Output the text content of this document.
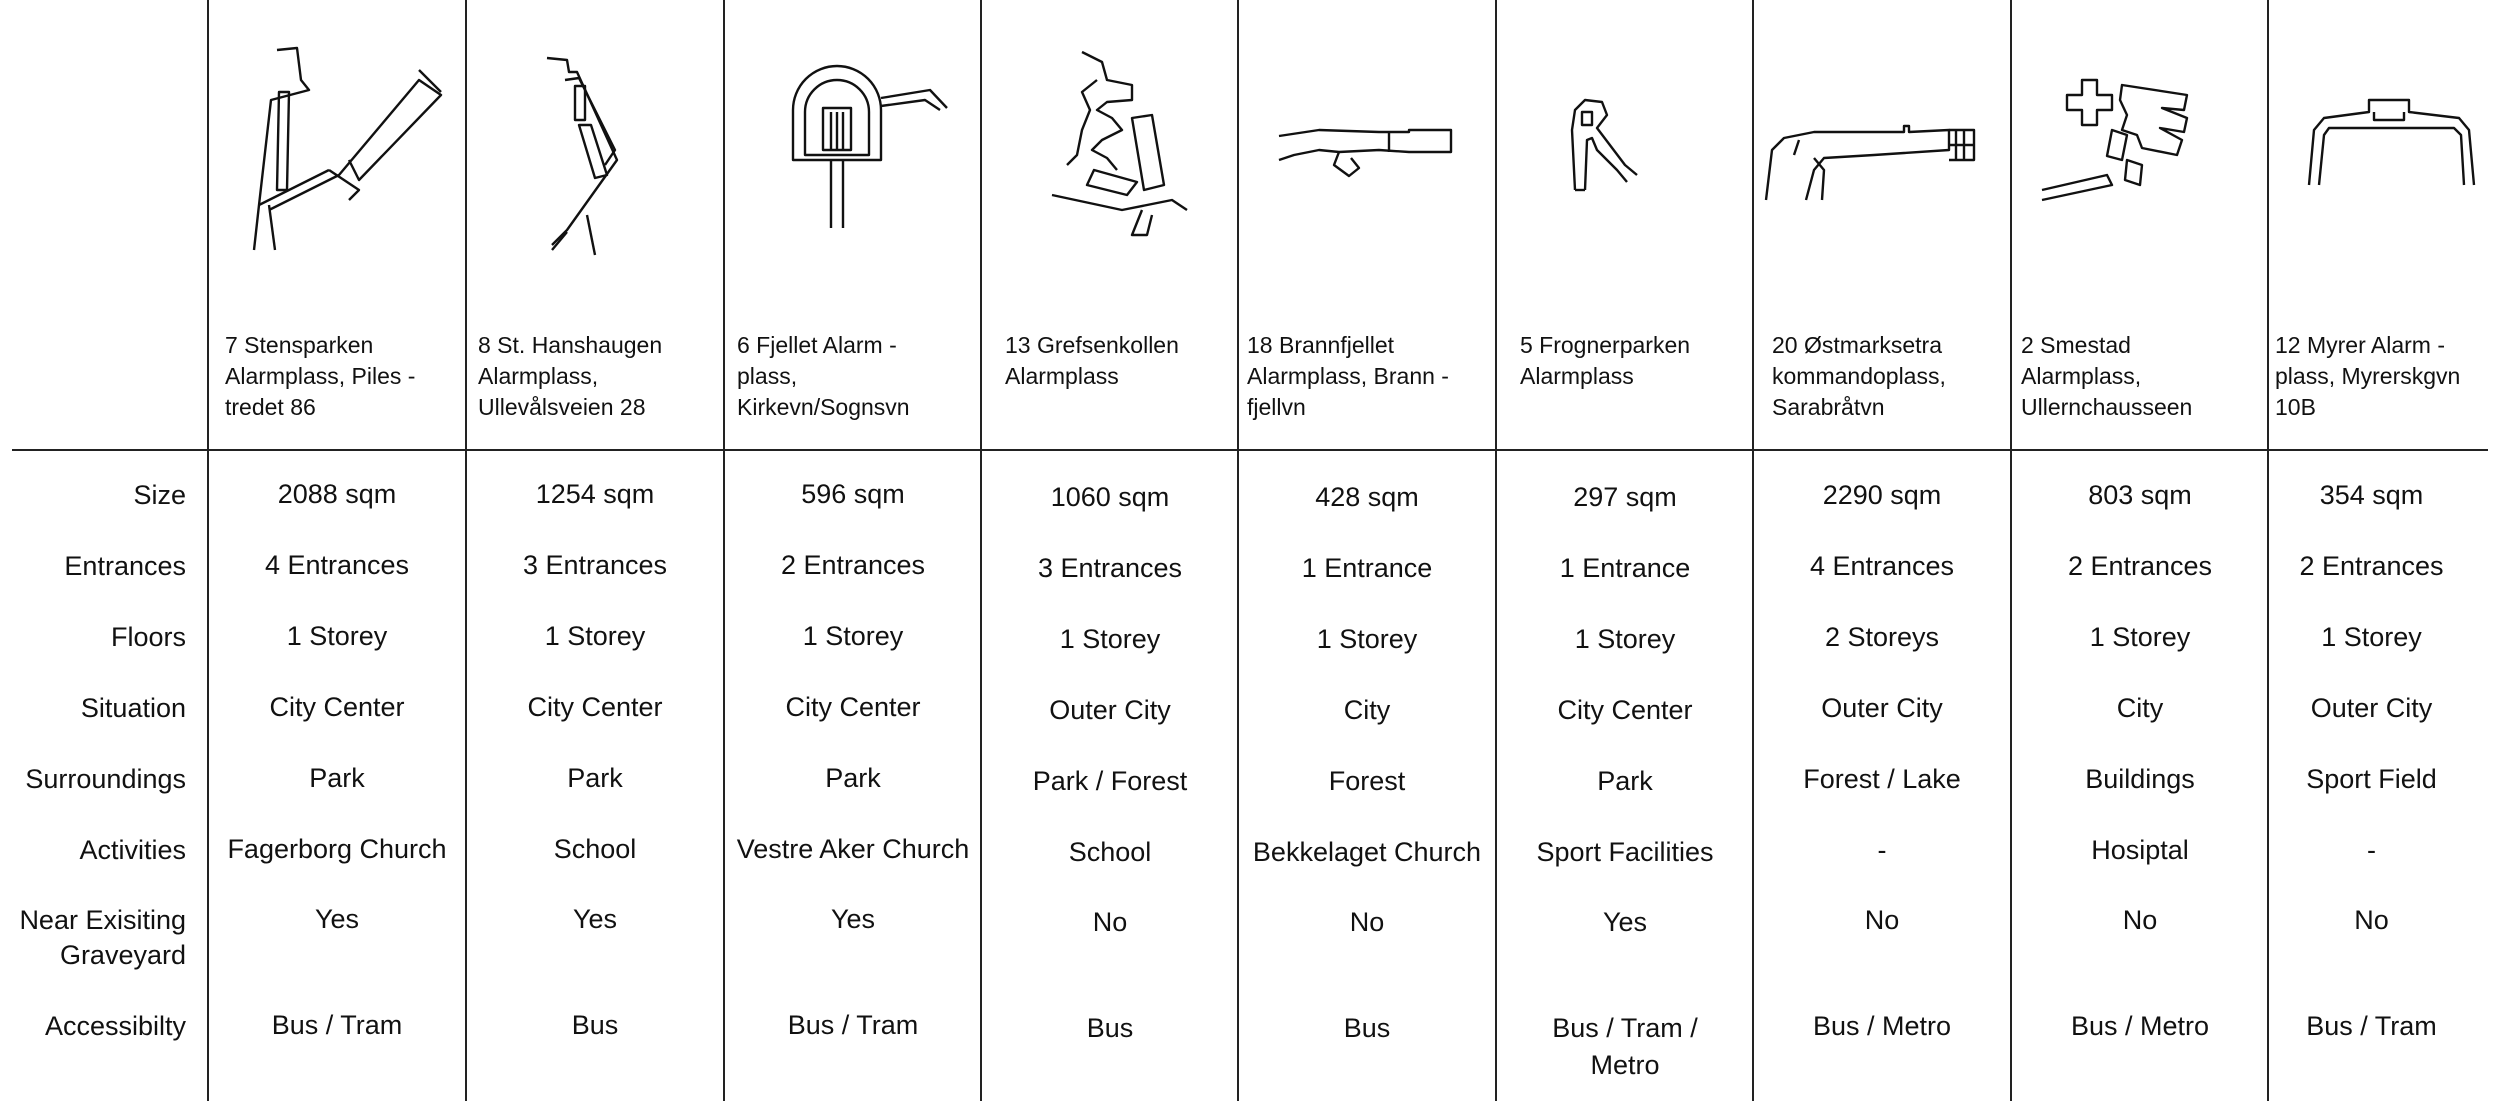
7 Stensparken
Alarmplass, Piles -
tredet 86
8 St. Hanshaugen
Alarmplass,
Ullevålsveien 28
6 Fjellet Alarm -
plass,
Kirkevn/Sognsvn
13 Grefsenkollen
Alarmplass
18 Brannfjellet
Alarmplass, Brann -
fjellvn
5 Frognerparken
Alarmplass
20 Østmarksetra
kommandoplass,
Sarabråtvn
2 Smestad
Alarmplass,
Ullernchausseen
12 Myrer Alarm -
plass, Myrerskgvn
10B
Size
Entrances
Floors
Situation
Surroundings
Activities
Near Exisiting
Graveyard
Accessibilty
2088 sqm
4 Entrances
1 Storey
City Center
Park
Fagerborg Church
Yes
Bus / Tram
1254 sqm
3 Entrances
1 Storey
City Center
Park
School
Yes
Bus
596 sqm
2 Entrances
1 Storey
City Center
Park
Vestre Aker Church
Yes
Bus / Tram
1060 sqm
3 Entrances
1 Storey
Outer City
Park / Forest
School
No
Bus
428 sqm
1 Entrance
1 Storey
City
Forest
Bekkelaget Church
No
Bus
297 sqm
1 Entrance
1 Storey
City Center
Park
Sport Facilities
Yes
Bus / Tram /
Metro
2290 sqm
4 Entrances
2 Storeys
Outer City
Forest / Lake
-
No
Bus / Metro
803 sqm
2 Entrances
1 Storey
City
Buildings
Hosiptal
No
Bus / Metro
354 sqm
2 Entrances
1 Storey
Outer City
Sport Field
-
No
Bus / Tram
